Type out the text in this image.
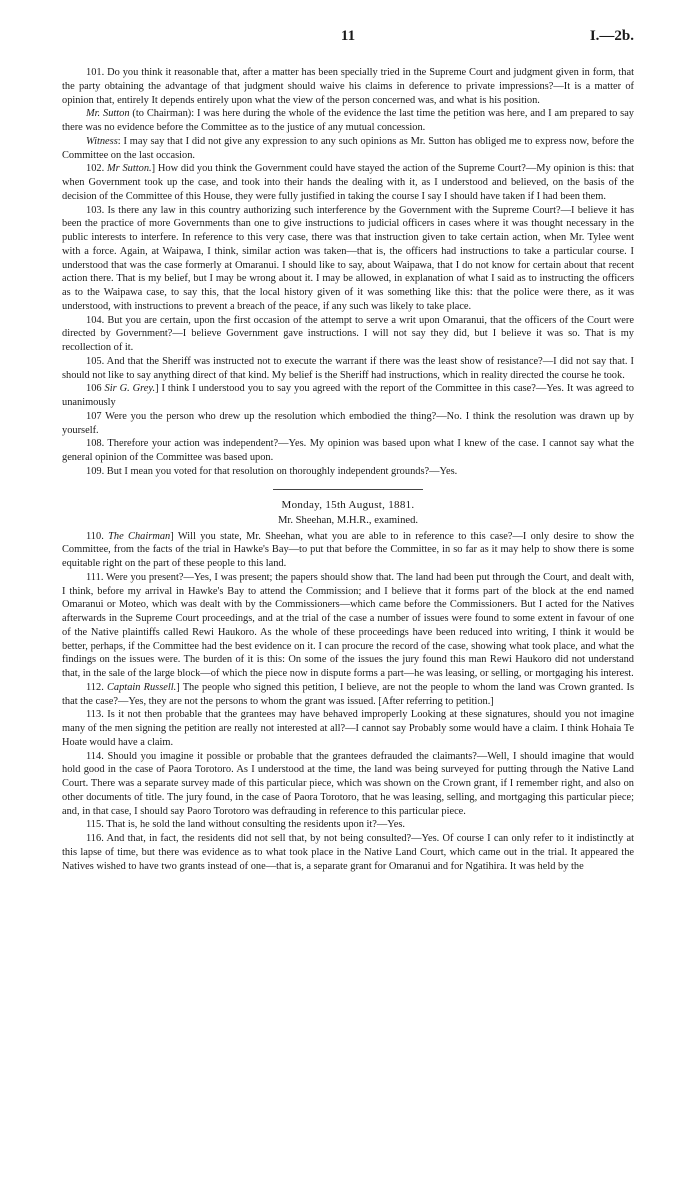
11	I.—2b.

101. Do you think it reasonable that, after a matter has been specially tried in the Supreme Court and judgment given in form, that the party obtaining the advantage of that judgment should waive his claims in deference to private impressions?—It is a matter of opinion that, entirely It depends entirely upon what the view of the person concerned was, and what is his position.

Mr. Sutton (to Chairman): I was here during the whole of the evidence the last time the petition was here, and I am prepared to say there was no evidence before the Committee as to the justice of any mutual concession.

Witness: I may say that I did not give any expression to any such opinions as Mr. Sutton has obliged me to express now, before the Committee on the last occasion.

102. Mr Sutton.] How did you think the Government could have stayed the action of the Supreme Court?—My opinion is this: that when Government took up the case, and took into their hands the dealing with it, as I understood and believed, on the basis of the decision of the Committee of this House, they were fully justified in taking the course I say I should have taken if I had been them.

103. Is there any law in this country authorizing such interference by the Government with the Supreme Court?—I believe it has been the practice of more Governments than one to give instructions to judicial officers in cases where it was thought necessary in the public interests to interfere. In reference to this very case, there was that instruction given to take certain action, when Mr. Tylee went with a force. Again, at Waipawa, I think, similar action was taken—that is, the officers had instructions to take a particular course. I understood that was the case formerly at Omaranui. I should like to say, about Waipawa, that I do not know for certain about that recent action there. That is my belief, but I may be wrong about it. I may be allowed, in explanation of what I said as to instructing the officers as to the Waipawa case, to say this, that the local history given of it was something like this: that the police were there, as it was understood, with instructions to prevent a breach of the peace, if any such was likely to take place.

104. But you are certain, upon the first occasion of the attempt to serve a writ upon Omaranui, that the officers of the Court were directed by Government?—I believe Government gave instructions. I will not say they did, but I believe it was so. That is my recollection of it.

105. And that the Sheriff was instructed not to execute the warrant if there was the least show of resistance?—I did not say that. I should not like to say anything direct of that kind. My belief is the Sheriff had instructions, which in reality directed the course he took.

106 Sir G. Grey.] I think I understood you to say you agreed with the report of the Committee in this case?—Yes. It was agreed to unanimously

107 Were you the person who drew up the resolution which embodied the thing?—No. I think the resolution was drawn up by yourself.

108. Therefore your action was independent?—Yes. My opinion was based upon what I knew of the case. I cannot say what the general opinion of the Committee was based upon.

109. But I mean you voted for that resolution on thoroughly independent grounds?—Yes.

Monday, 15th August, 1881.
Mr. Sheehan, M.H.R., examined.

110. The Chairman] Will you state, Mr. Sheehan, what you are able to in reference to this case?—I only desire to show the Committee, from the facts of the trial in Hawke's Bay—to put that before the Committee, in so far as it may help to show there is some equitable right on the part of these people to this land.

111. Were you present?—Yes, I was present; the papers should show that. The land had been put through the Court, and dealt with, I think, before my arrival in Hawke's Bay to attend the Commission; and I believe that it forms part of the block at the end named Omaranui or Moteo, which was dealt with by the Commissioners—which came before the Commissioners. But I acted for the Natives afterwards in the Supreme Court proceedings, and at the trial of the case a number of issues were found to some extent in favour of one of the Native plaintiffs called Rewi Haukoro. As the whole of these proceedings have been reduced into writing, I think it would be better, perhaps, if the Committee had the best evidence on it. I can procure the record of the case, showing what took place, and what the findings on the issues were. The burden of it is this: On some of the issues the jury found this man Rewi Haukoro did not understand that, in the sale of the large block—of which the piece now in dispute forms a part—he was leasing, or selling, or mortgaging his interest.

112. Captain Russell.] The people who signed this petition, I believe, are not the people to whom the land was Crown granted. Is that the case?—Yes, they are not the persons to whom the grant was issued. [After referring to petition.]

113. Is it not then probable that the grantees may have behaved improperly Looking at these signatures, should you not imagine many of the men signing the petition are really not interested at all?—I cannot say Probably some would have a claim. I think Hohaia Te Hoate would have a claim.

114. Should you imagine it possible or probable that the grantees defrauded the claimants?—Well, I should imagine that would hold good in the case of Paora Torotoro. As I understood at the time, the land was being surveyed for putting through the Native Land Court. There was a separate survey made of this particular piece, which was shown on the Crown grant, if I remember right, and also on other documents of title. The jury found, in the case of Paora Torotoro, that he was leasing, selling, and mortgaging this particular piece; and, in that case, I should say Paoro Torotoro was defrauding in reference to this particular piece.

115. That is, he sold the land without consulting the residents upon it?—Yes.

116. And that, in fact, the residents did not sell that, by not being consulted?—Yes. Of course I can only refer to it indistinctly at this lapse of time, but there was evidence as to what took place in the Native Land Court, which came out in the trial. It appeared the Natives wished to have two grants instead of one—that is, a separate grant for Omaranui and for Ngatihira. It was held by the
